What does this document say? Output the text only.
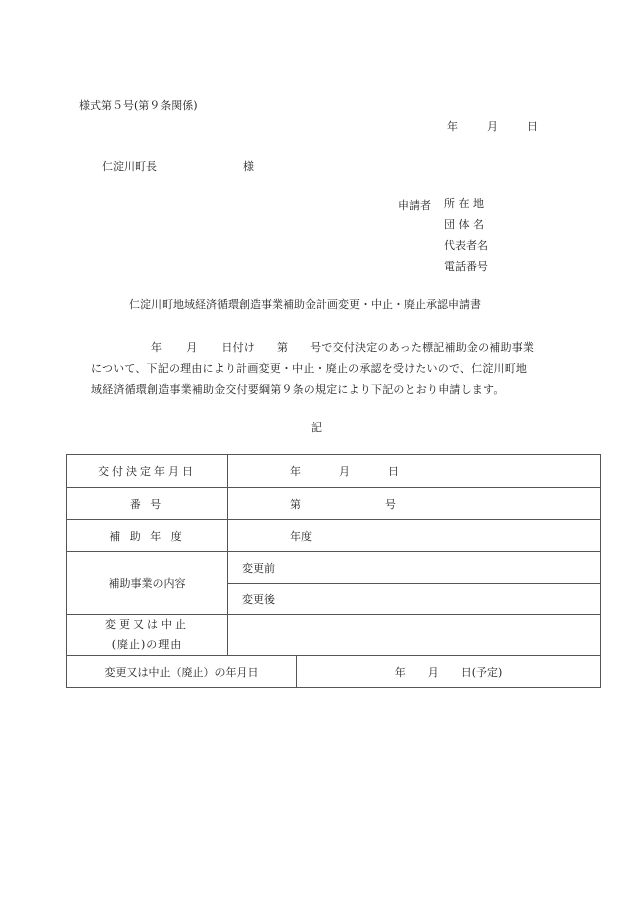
様式第５号(第９条関係)
年	月	日
仁淀川町長	様
申請者 所 在 地
団 体 名
代表者名
電話番号
仁淀川町地域経済循環創造事業補助金計画変更・中止・廃止承認申請書
年 月 日付け 第 号で交付決定のあった標記補助金の補助事業
について、下記の理由により計画変更・中止・廃止の承認を受けたいので、仁淀川町地
域経済循環創造事業補助金交付要綱第９条の規定により下記のとおり申請します。
記
交付決定年月日	年 月 日	
番 号	第 号	
補 助 年 度	年度	
補助事業の内容	変更前	
	変更後	

変更又は中止
(廃止)の理由		

変更又は中止（廃止）の年月日		年 月 日(予定)
